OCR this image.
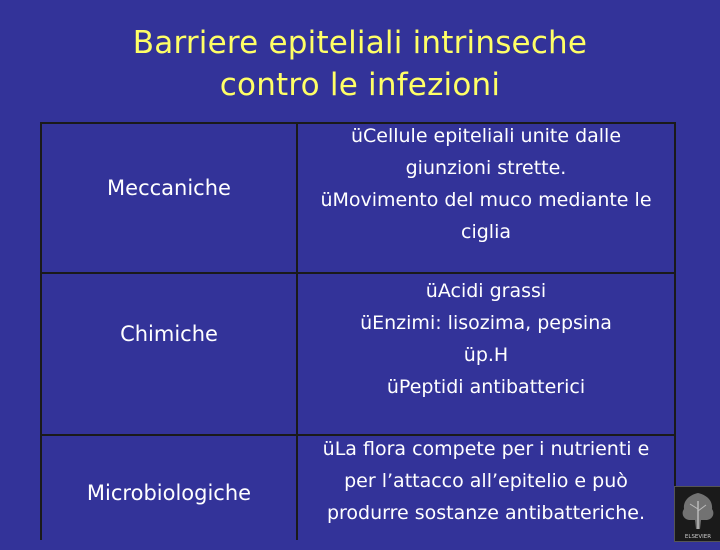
Barriere epiteliali intrinseche
contro le infezioni
Meccaniche
üCellule epiteliali unite dalle
giunzioni strette.
üMovimento del muco mediante le
ciglia
Chimiche
üAcidi grassi
üEnzimi: lisozima, pepsina
üp.H
üPeptidi antibatterici
Microbiologiche
üLa flora compete per i nutrienti e
per l’attacco all’epitelio e può
produrre sostanze antibatteriche.
ELSEVIER
